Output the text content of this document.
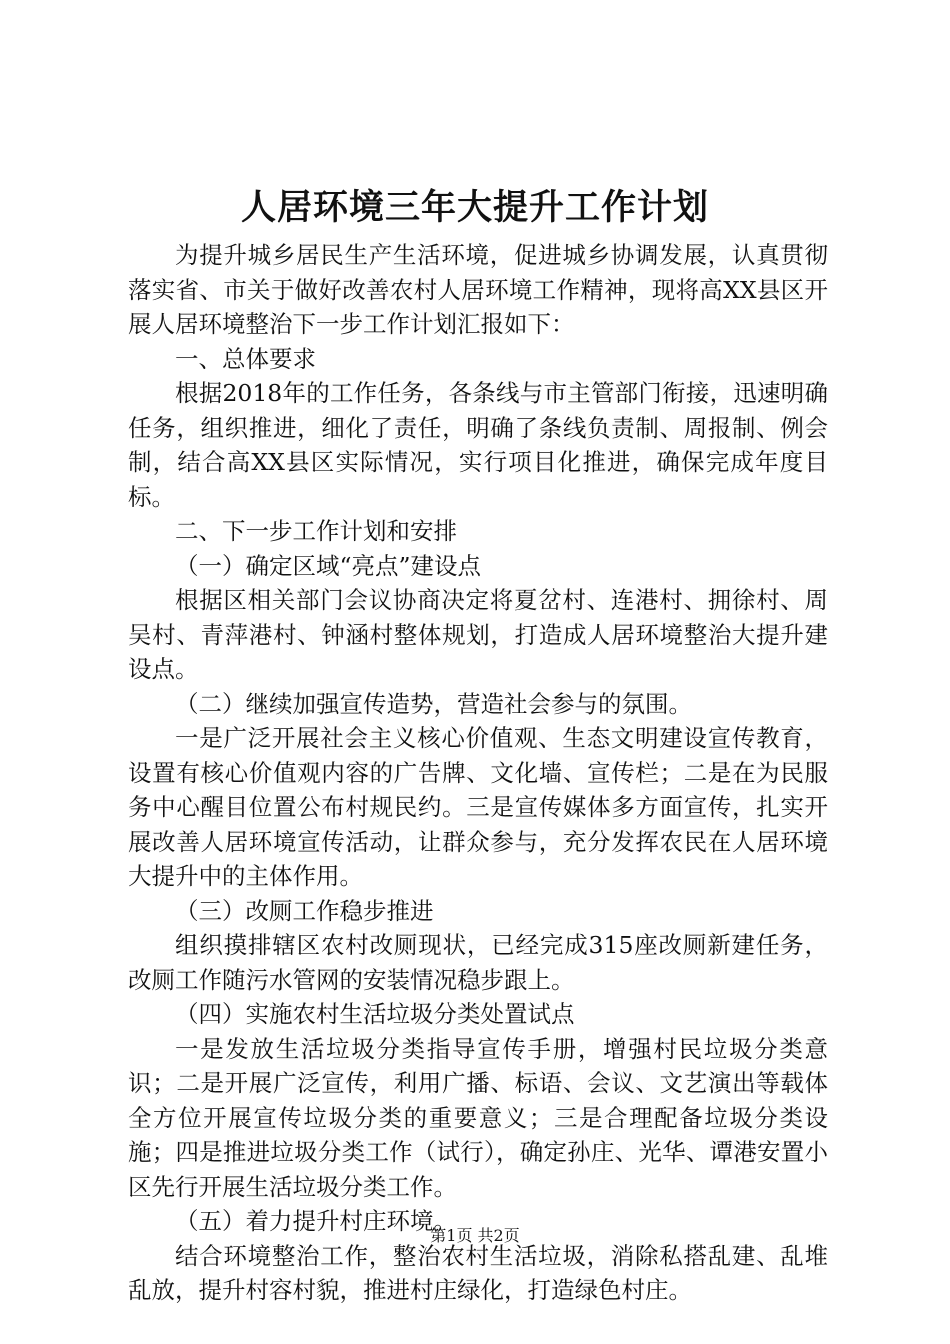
人居环境三年大提升工作计划

为提升城乡居民生产生活环境，促进城乡协调发展，认真贯彻落实省、市关于做好改善农村人居环境工作精神，现将高XX县区开展人居环境整治下一步工作计划汇报如下：

一、总体要求

根据2018年的工作任务，各条线与市主管部门衔接，迅速明确任务，组织推进，细化了责任，明确了条线负责制、周报制、例会制，结合高XX县区实际情况，实行项目化推进，确保完成年度目标。

二、下一步工作计划和安排

（一）确定区域“亮点”建设点

根据区相关部门会议协商决定将夏岔村、连港村、拥徐村、周吴村、青萍港村、钟涵村整体规划，打造成人居环境整治大提升建设点。

（二）继续加强宣传造势，营造社会参与的氛围。

一是广泛开展社会主义核心价值观、生态文明建设宣传教育，设置有核心价值观内容的广告牌、文化墙、宣传栏；二是在为民服务中心醒目位置公布村规民约。三是宣传媒体多方面宣传，扎实开展改善人居环境宣传活动，让群众参与，充分发挥农民在人居环境大提升中的主体作用。

（三）改厕工作稳步推进

组织摸排辖区农村改厕现状，已经完成315座改厕新建任务，改厕工作随污水管网的安装情况稳步跟上。

（四）实施农村生活垃圾分类处置试点

一是发放生活垃圾分类指导宣传手册，增强村民垃圾分类意识；二是开展广泛宣传，利用广播、标语、会议、文艺演出等载体全方位开展宣传垃圾分类的重要意义；三是合理配备垃圾分类设施；四是推进垃圾分类工作（试行），确定孙庄、光华、谭港安置小区先行开展生活垃圾分类工作。

（五）着力提升村庄环境。

结合环境整治工作，整治农村生活垃圾，消除私搭乱建、乱堆乱放，提升村容村貌，推进村庄绿化，打造绿色村庄。

第1页 共2页
